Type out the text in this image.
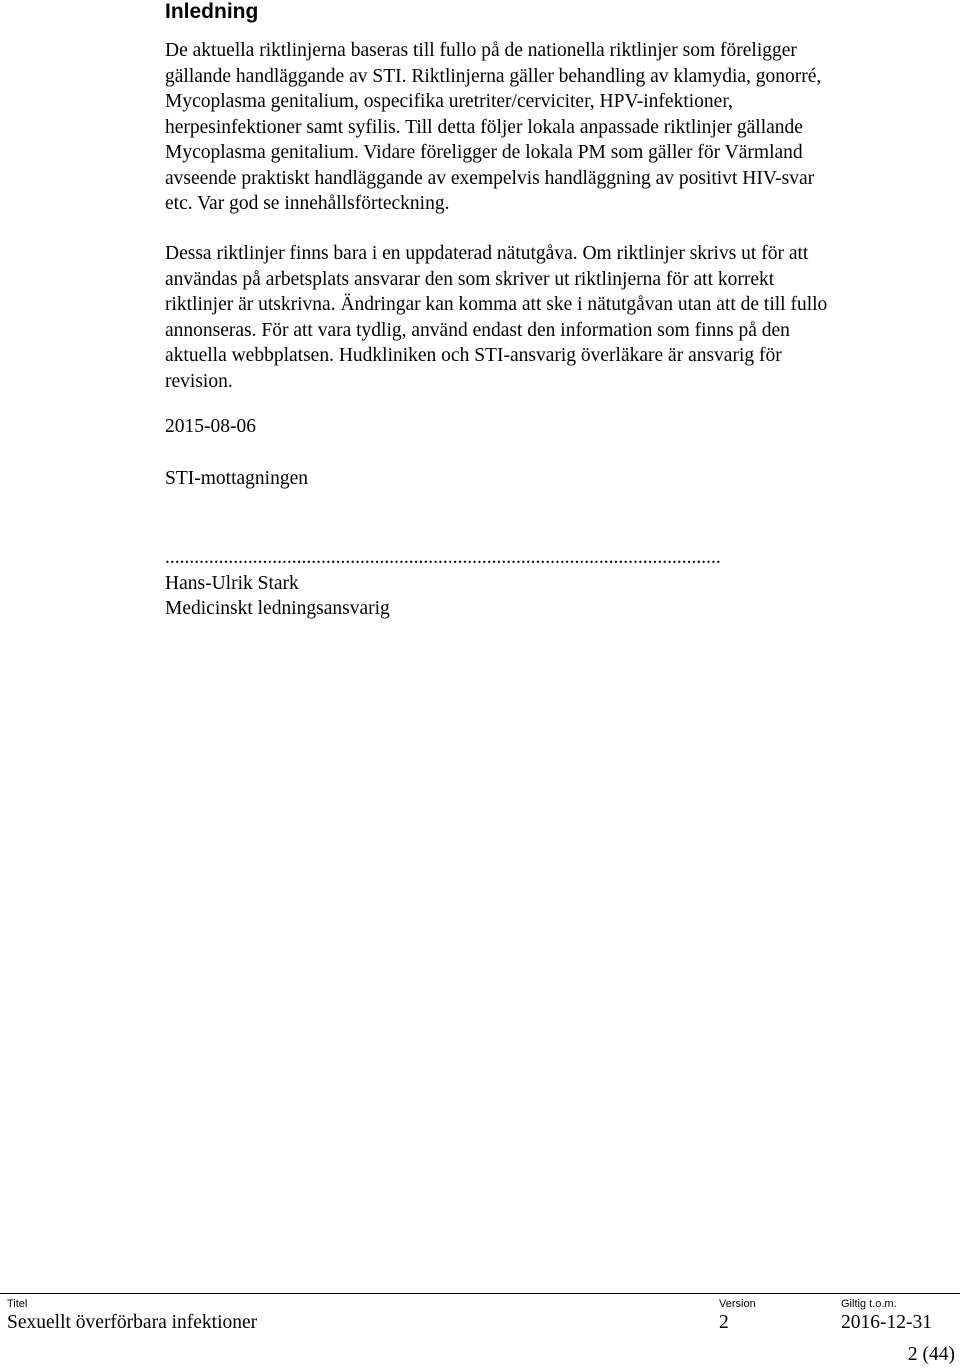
Inledning
De aktuella riktlinjerna baseras till fullo på de nationella riktlinjer som föreligger
gällande handläggande av STI. Riktlinjerna gäller behandling av klamydia, gonorré,
Mycoplasma genitalium, ospecifika uretriter/cerviciter, HPV-infektioner,
herpesinfektioner samt syfilis. Till detta följer lokala anpassade riktlinjer gällande
Mycoplasma genitalium. Vidare föreligger de lokala PM som gäller för Värmland
avseende praktiskt handläggande av exempelvis handläggning av positivt HIV-svar
etc. Var god se innehållsförteckning.
Dessa riktlinjer finns bara i en uppdaterad nätutgåva. Om riktlinjer skrivs ut för att
användas på arbetsplats ansvarar den som skriver ut riktlinjerna för att korrekt
riktlinjer är utskrivna. Ändringar kan komma att ske i nätutgåvan utan att de till fullo
annonseras. För att vara tydlig, använd endast den information som finns på den
aktuella webbplatsen. Hudkliniken och STI-ansvarig överläkare är ansvarig för
revision.

2015-08-06

STI-mottagningen

..................................................................................................................
Hans-Ulrik Stark
Medicinskt ledningsansvarig
Titel	Version	Giltig t.o.m.
Sexuellt överförbara infektioner	2	2016-12-31
2 (44)
